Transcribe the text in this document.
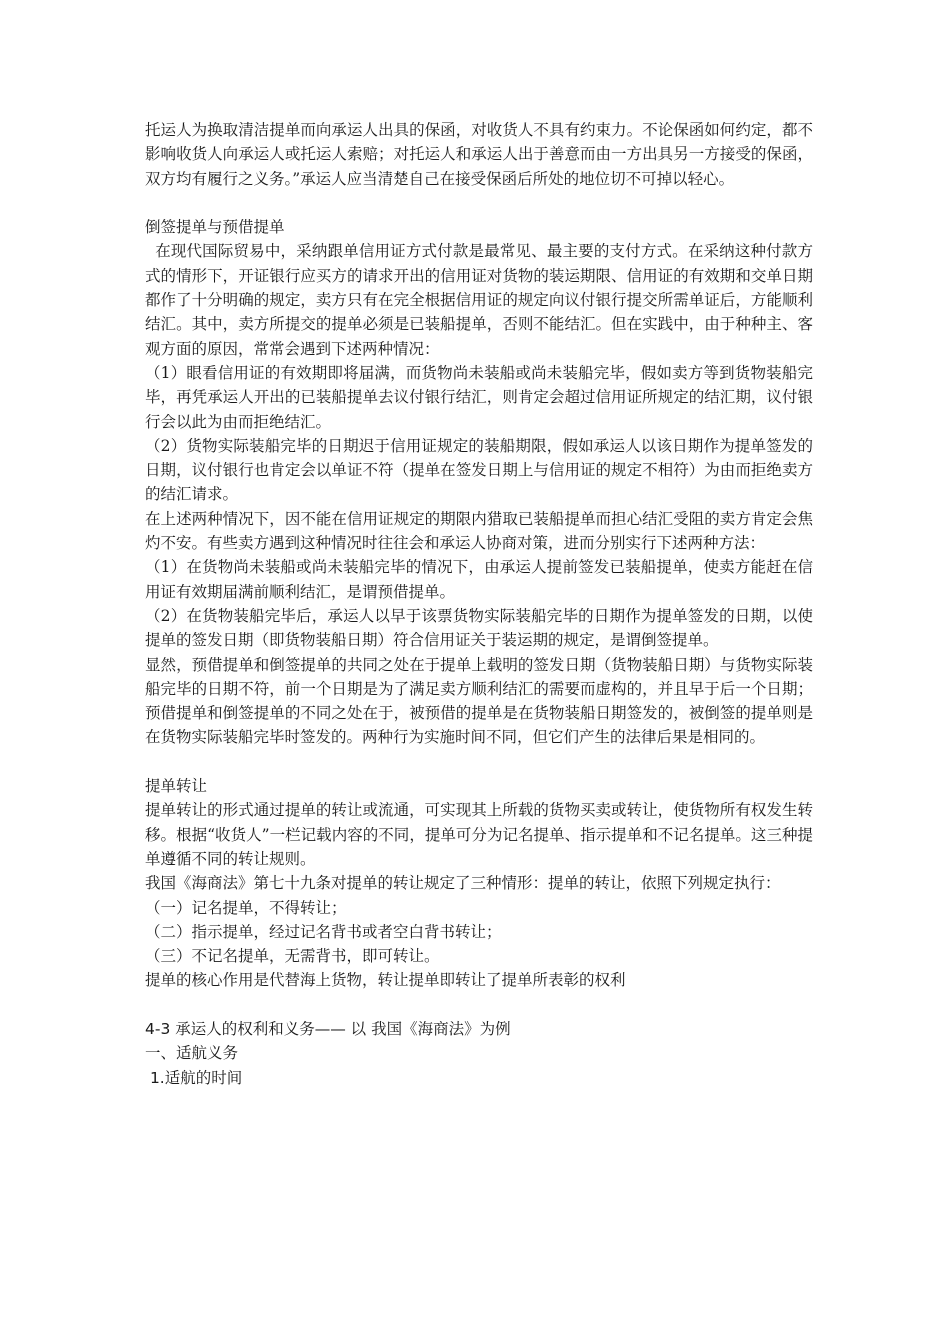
托运人为换取清洁提单而向承运人出具的保函，对收货人不具有约束力。不论保函如何约定，都不影响收货人向承运人或托运人索赔；对托运人和承运人出于善意而由一方出具另一方接受的保函，双方均有履行之义务。”承运人应当清楚自己在接受保函后所处的地位切不可掉以轻心。

倒签提单与预借提单

在现代国际贸易中，采纳跟单信用证方式付款是最常见、最主要的支付方式。在采纳这种付款方式的情形下，开证银行应买方的请求开出的信用证对货物的装运期限、信用证的有效期和交单日期都作了十分明确的规定，卖方只有在完全根据信用证的规定向议付银行提交所需单证后，方能顺利结汇。其中，卖方所提交的提单必须是已装船提单，否则不能结汇。但在实践中，由于种种主、客观方面的原因，常常会遇到下述两种情况：

（1）眼看信用证的有效期即将届满，而货物尚未装船或尚未装船完毕，假如卖方等到货物装船完毕，再凭承运人开出的已装船提单去议付银行结汇，则肯定会超过信用证所规定的结汇期，议付银行会以此为由而拒绝结汇。

（2）货物实际装船完毕的日期迟于信用证规定的装船期限，假如承运人以该日期作为提单签发的日期，议付银行也肯定会以单证不符（提单在签发日期上与信用证的规定不相符）为由而拒绝卖方的结汇请求。

在上述两种情况下，因不能在信用证规定的期限内猎取已装船提单而担心结汇受阻的卖方肯定会焦灼不安。有些卖方遇到这种情况时往往会和承运人协商对策，进而分别实行下述两种方法：

（1）在货物尚未装船或尚未装船完毕的情况下，由承运人提前签发已装船提单，使卖方能赶在信用证有效期届满前顺利结汇，是谓预借提单。

（2）在货物装船完毕后，承运人以早于该票货物实际装船完毕的日期作为提单签发的日期，以使提单的签发日期（即货物装船日期）符合信用证关于装运期的规定，是谓倒签提单。

显然，预借提单和倒签提单的共同之处在于提单上载明的签发日期（货物装船日期）与货物实际装船完毕的日期不符，前一个日期是为了满足卖方顺利结汇的需要而虚构的，并且早于后一个日期；预借提单和倒签提单的不同之处在于，被预借的提单是在货物装船日期签发的，被倒签的提单则是在货物实际装船完毕时签发的。两种行为实施时间不同，但它们产生的法律后果是相同的。

提单转让

提单转让的形式通过提单的转让或流通，可实现其上所载的货物买卖或转让，使货物所有权发生转移。根据“收货人”一栏记载内容的不同，提单可分为记名提单、指示提单和不记名提单。这三种提单遵循不同的转让规则。

我国《海商法》第七十九条对提单的转让规定了三种情形：提单的转让，依照下列规定执行：

（一）记名提单，不得转让；

（二）指示提单，经过记名背书或者空白背书转让；

（三）不记名提单，无需背书，即可转让。

提单的核心作用是代替海上货物，转让提单即转让了提单所表彰的权利

4-3 承运人的权利和义务—— 以 我国《海商法》为例

一、适航义务

1.适航的时间
